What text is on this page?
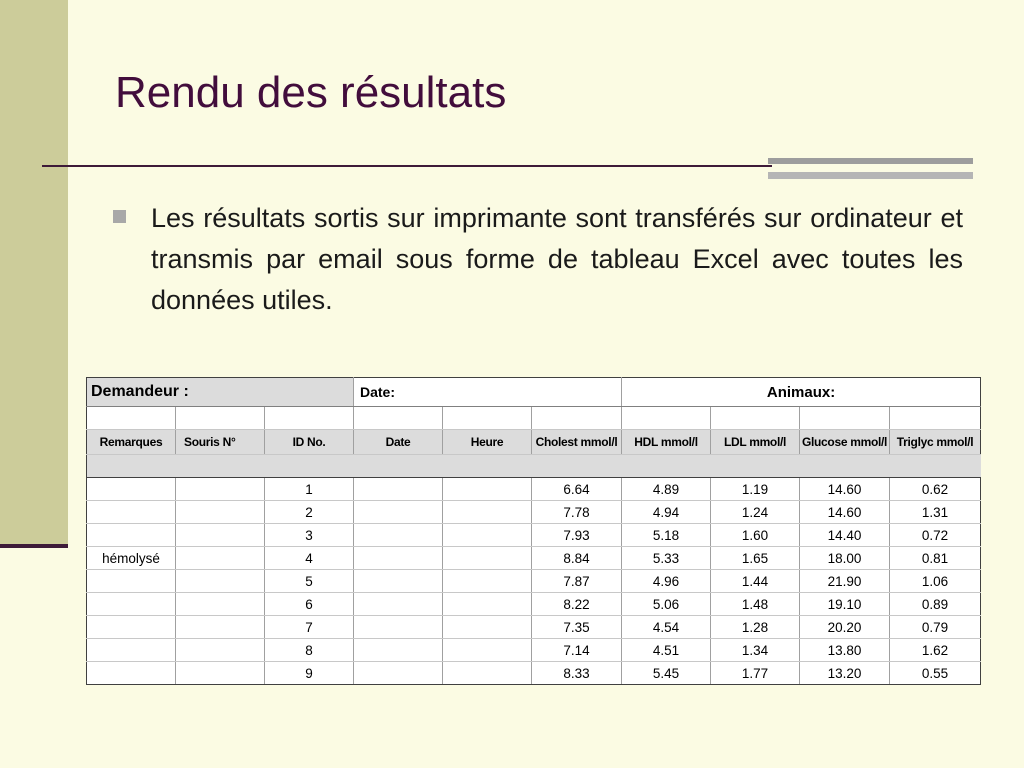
Rendu des résultats

Les résultats sortis sur imprimante sont transférés sur ordinateur et transmis par email sous forme de tableau Excel avec toutes les données utiles.

Demandeur :			Date:			Animaux:			

Remarques	Souris N°	ID No.	Date	Heure	Cholest mmol/l	HDL mmol/l	LDL mmol/l	Glucose mmol/l	Triglyc mmol/l

		1			6.64	4.89	1.19	14.60	0.62
		2			7.78	4.94	1.24	14.60	1.31
		3			7.93	5.18	1.60	14.40	0.72
hémolysé		4			8.84	5.33	1.65	18.00	0.81
		5			7.87	4.96	1.44	21.90	1.06
		6			8.22	5.06	1.48	19.10	0.89
		7			7.35	4.54	1.28	20.20	0.79
		8			7.14	4.51	1.34	13.80	1.62
		9			8.33	5.45	1.77	13.20	0.55
